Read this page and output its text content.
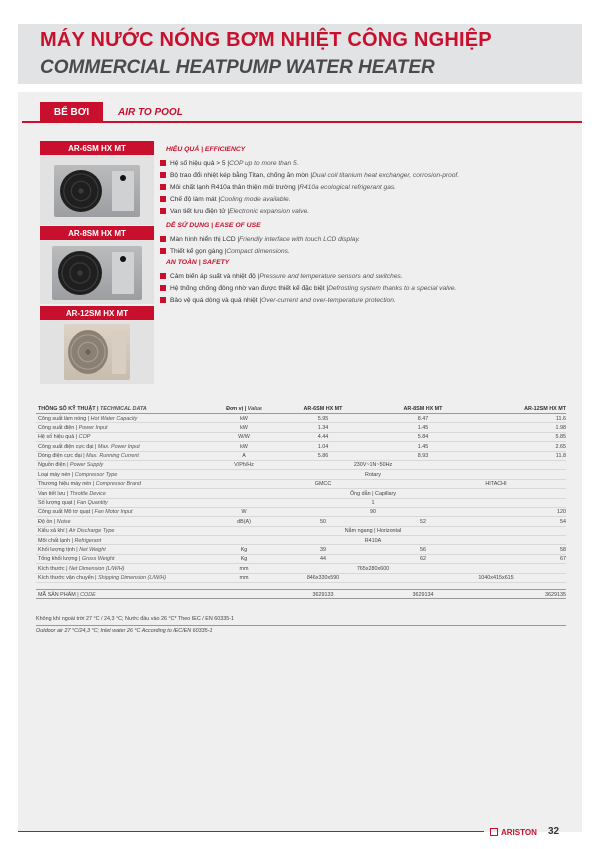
MÁY NƯỚC NÓNG BƠM NHIỆT CÔNG NGHIỆP
COMMERCIAL HEATPUMP WATER HEATER
BỂ BƠI	AIR TO POOL
AR-6SM HX MT
AR-8SM HX MT
AR-12SM HX MT
HIỆU QUẢ | EFFICIENCY
Hệ số hiệu quả > 5 | COP up to more than 5.
Bộ trao đổi nhiệt kép bằng Titan, chống ăn mòn | Dual coil titanium heat exchanger, corrosion-proof.
Môi chất lạnh R410a thân thiện môi trường | R410a ecological refrigerant gas.
Chế độ làm mát | Cooling mode available.
Van tiết lưu điện tử | Electronic expansion valve.
DỄ SỬ DỤNG | EASE OF USE
Màn hình hiển thị LCD | Friendly interface with touch LCD display.
Thiết kế gọn gàng | Compact dimensions.
AN TOÀN | SAFETY
Cảm biến áp suất và nhiệt độ | Pressure and temperature sensors and switches.
Hệ thống chống đông nhờ van được thiết kế đặc biệt | Defrosting system thanks to a special valve.
Bảo vệ quá dòng và quá nhiệt | Over-current and over-temperature protection.
THÔNG SỐ KỸ THUẬT | TECHNICAL DATA	Đơn vị | Value	AR-6SM HX MT	AR-8SM HX MT	AR-12SM HX MT
Công suất làm nóng | Hot Water Capacity	kW	5.95	8.47	11.6
Công suất điện | Power Input	kW	1.34	1.45	1.98
Hệ số hiệu quả | COP	W/W	4.44	5.84	5.85
Công suất điện cực đại | Max. Power Input	kW	1.04	1.45	2.65
Dòng điện cực đại | Max. Running Current	A	5.86	8.93	11.8
Nguồn điện | Power Supply	V/Ph/Hz	230V~1N~50Hz
Loại máy nén | Compressor Type	Rotary
Thương hiệu máy nén | Compressor Brand	GMCC	HITACHI
Van tiết lưu | Throttle Device	Ống dẫn | Capillary
Số lượng quạt | Fan Quantity	1
Công suất Mô tơ quạt | Fan Motor Input	W	90	120
Độ ồn | Noise	dB(A)	50	52	54
Kiểu xả khí | Air Discharge Type	Nằm ngang | Horizontal
Môi chất lạnh | Refrigerant	R410A
Khối lượng tịnh | Net Weight	Kg	39	56	58
Tổng khối lượng | Gross Weight	Kg	44	62	67
Kích thước | Net Dimension (L/W/H)	mm	765x280x600
Kích thước vận chuyển | Shipping Dimension (L/W/H)	mm	846x330x590	1040x415x615
MÃ SẢN PHẨM | CODE	3629133	3629134	3629135
Không khí ngoài trời 27 °C / 24,3 °C; Nước đầu vào 26 °C* Theo IEC / EN 60335-1
Outdoor air 27 °C/24,3 °C; Inlet water 26 °C According to IEC/EN 60335-1
ARISTON 32
